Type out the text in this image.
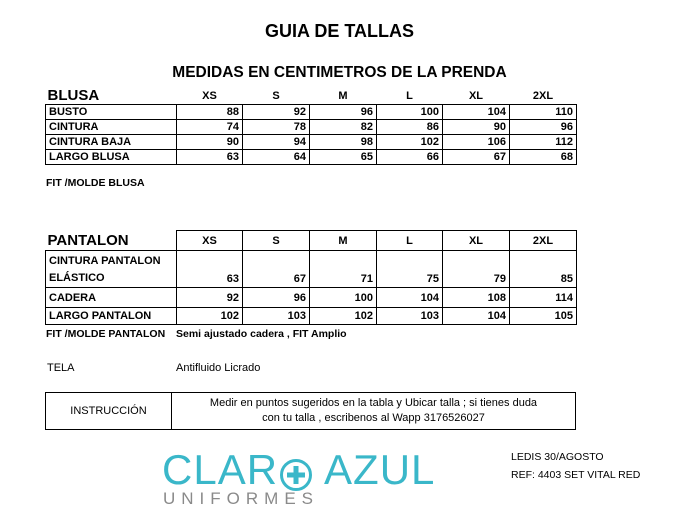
GUIA DE TALLAS
MEDIDAS EN CENTIMETROS DE LA PRENDA
BLUSA	XS	S	M	L	XL	2XL
BUSTO	88	92	96	100	104	110
CINTURA	74	78	82	86	90	96
CINTURA BAJA	90	94	98	102	106	112
LARGO BLUSA	63	64	65	66	67	68
FIT /MOLDE BLUSA
PANTALON	XS	S	M	L	XL	2XL

CINTURA PANTALON
ELÁSTICO	63	67	71	75	79	85
CADERA	92	96	100	104	108	114
LARGO PANTALON	102	103	102	103	104	105
FIT /MOLDE PANTALON Semi ajustado cadera , FIT Amplio
TELA	Antifluido Licrado
INSTRUCCIÓN
Medir en puntos sugeridos en la tabla y Ubicar talla ; si tienes duda
con tu talla , escribenos al Wapp 3176526027
CLAR AZUL
UNIFORMES
LEDIS 30/AGOSTO
REF: 4403 SET VITAL RED
